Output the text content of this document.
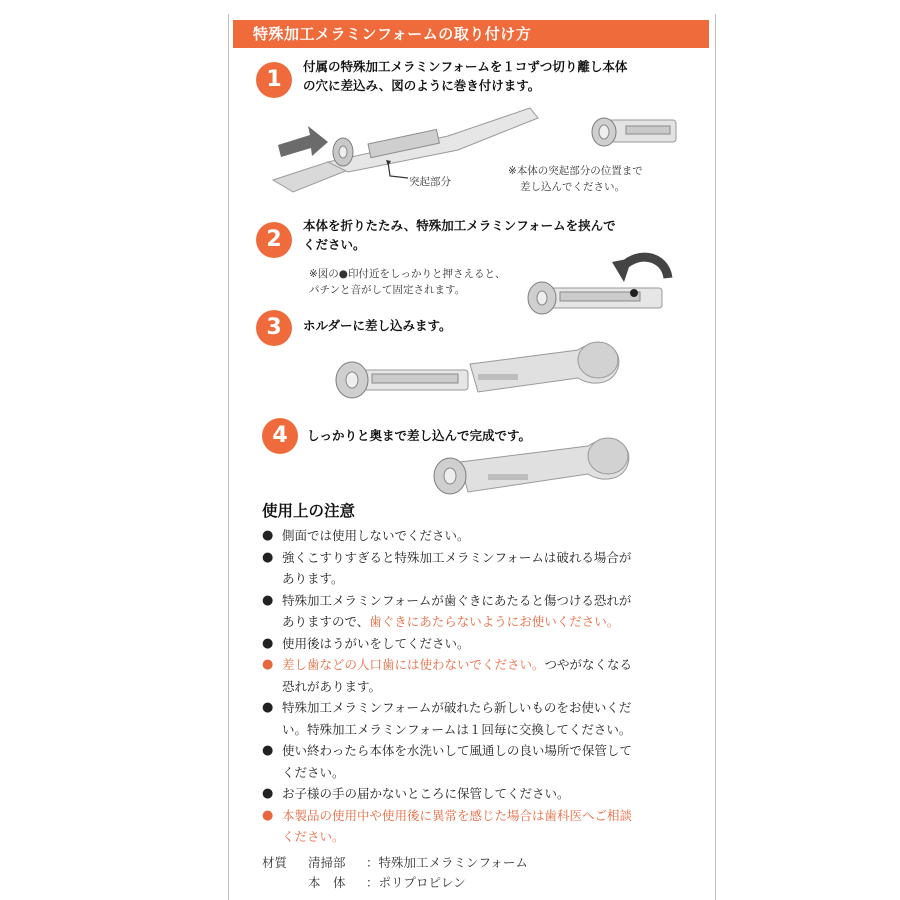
特殊加工メラミンフォームの取り付け方
1
付属の特殊加工メラミンフォームを１コずつ切り離し本体
の穴に差込み、図のように巻き付けます。
突起部分
※本体の突起部分の位置まで
差し込んでください。
2
本体を折りたたみ、特殊加工メラミンフォームを挟んで
ください。
※図の●印付近をしっかりと押さえると、
パチンと音がして固定されます。
3	ホルダーに差し込みます。
4	しっかりと奥まで差し込んで完成です。
使用上の注意
● 側面では使用しないでください。
● 強くこすりすぎると特殊加工メラミンフォームは破れる場合が
あります。
● 特殊加工メラミンフォームが歯ぐきにあたると傷つける恐れが
ありますので、歯ぐきにあたらないようにお使いください。
● 使用後はうがいをしてください。
● 差し歯などの人口歯には使わないでください。つやがなくなる
恐れがあります。
● 特殊加工メラミンフォームが破れたら新しいものをお使いくだ
い。特殊加工メラミンフォームは１回毎に交換してください。
● 使い終わったら本体を水洗いして風通しの良い場所で保管して
ください。
● お子様の手の届かないところに保管してください。
● 本製品の使用中や使用後に異常を感じた場合は歯科医へご相談
ください。
材質 清掃部 ：特殊加工メラミンフォーム
本　体 ：ポリプロピレン
